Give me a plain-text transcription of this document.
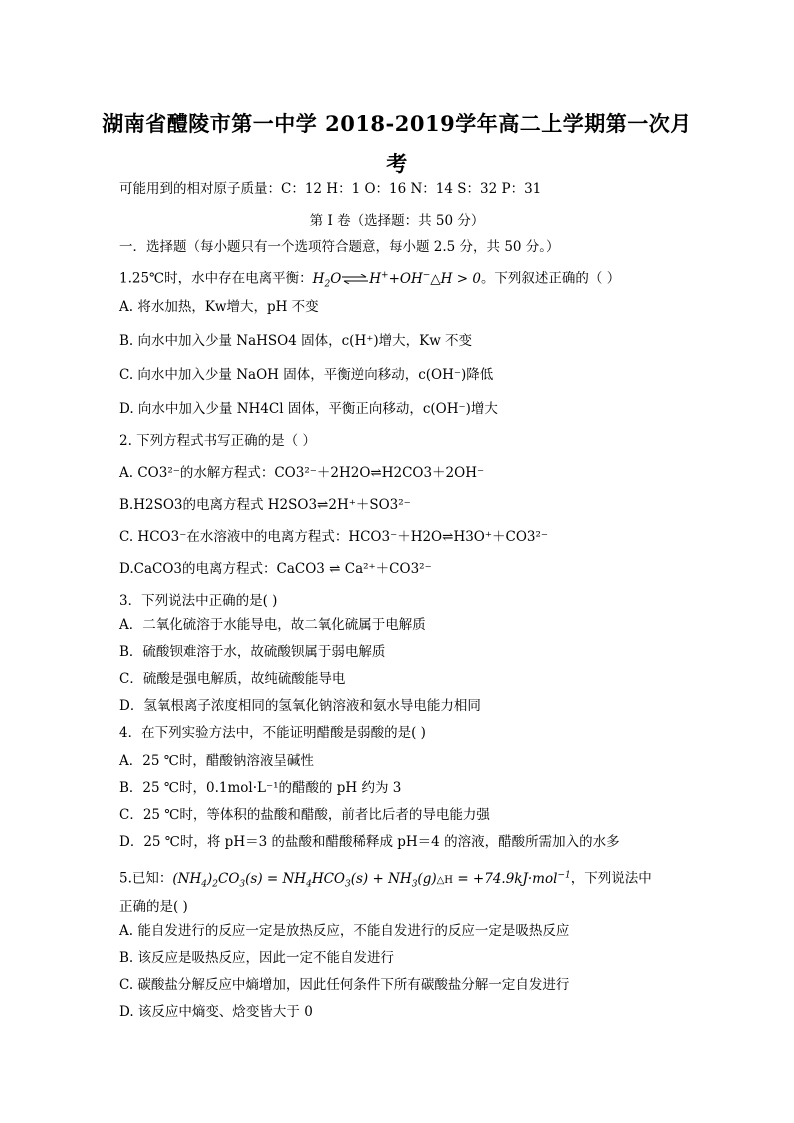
湖南省醴陵市第一中学 2018-2019学年高二上学期第一次月
考
可能用到的相对原子质量：C：12 H：1 O：16 N：14 S：32 P：31
第 I 卷（选择题：共 50 分）
一．选择题（每小题只有一个选项符合题意，每小题 2.5 分，共 50 分。）
1.25℃时，水中存在电离平衡：$H_2O\rightleftharpoons H^++OH^-\triangle H > 0$。下列叙述正确的（ ）
A. 将水加热，Kw增大，pH 不变
B. 向水中加入少量 NaHSO4 固体，c(H⁺)增大，Kw 不变
C. 向水中加入少量 NaOH 固体，平衡逆向移动，c(OH⁻)降低
D. 向水中加入少量 NH4Cl 固体，平衡正向移动，c(OH⁻)增大
2. 下列方程式书写正确的是（ ）
A. CO3²⁻的水解方程式：CO3²⁻＋2H2O⇌H2CO3＋2OH⁻
B.H2SO3的电离方程式 H2SO3⇌2H⁺＋SO3²⁻
C. HCO3⁻在水溶液中的电离方程式：HCO3⁻＋H2O⇌H3O⁺＋CO3²⁻
D.CaCO3的电离方程式：CaCO3 ⇌ Ca²⁺＋CO3²⁻
3．下列说法中正确的是( )
A．二氧化硫溶于水能导电，故二氧化硫属于电解质
B．硫酸钡难溶于水，故硫酸钡属于弱电解质
C．硫酸是强电解质，故纯硫酸能导电
D．氢氧根离子浓度相同的氢氧化钠溶液和氨水导电能力相同
4．在下列实验方法中，不能证明醋酸是弱酸的是( )
A．25 ℃时，醋酸钠溶液呈碱性
B．25 ℃时，0.1mol·L⁻¹的醋酸的 pH 约为 3
C．25 ℃时，等体积的盐酸和醋酸，前者比后者的导电能力强
D．25 ℃时，将 pH＝3 的盐酸和醋酸稀释成 pH＝4 的溶液，醋酸所需加入的水多
5.已知：$(NH_4)_2CO_3(s) = NH_4HCO_3(s)$ + $NH_3(g)\triangle H = +74.9kJ\cdot mol^{-1}$，下列说法中
正确的是( )
A. 能自发进行的反应一定是放热反应，不能自发进行的反应一定是吸热反应
B. 该反应是吸热反应，因此一定不能自发进行
C. 碳酸盐分解反应中熵增加，因此任何条件下所有碳酸盐分解一定自发进行
D. 该反应中熵变、焓变皆大于 0
